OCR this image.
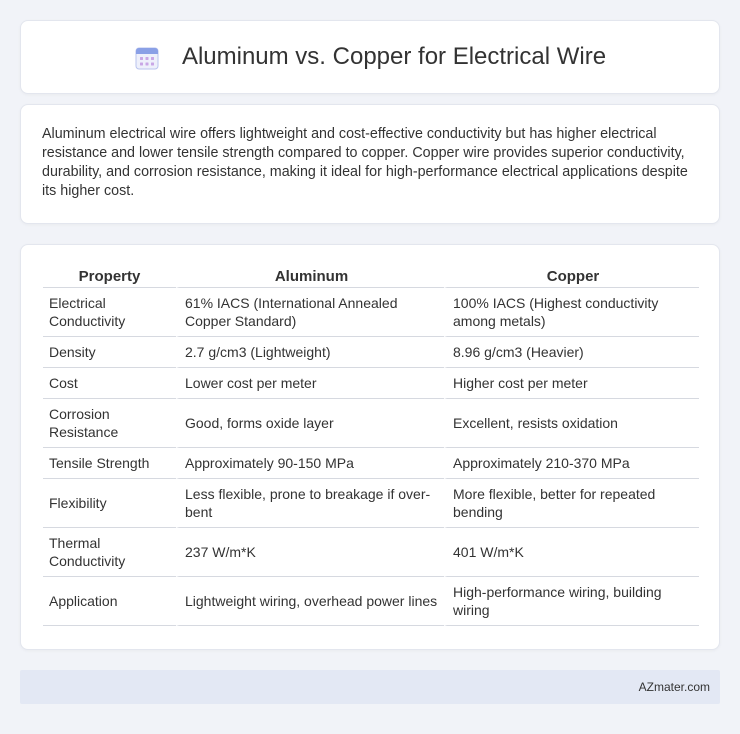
Aluminum vs. Copper for Electrical Wire

Aluminum electrical wire offers lightweight and cost-effective conductivity but has higher electrical resistance and lower tensile strength compared to copper. Copper wire provides superior conductivity, durability, and corrosion resistance, making it ideal for high-performance electrical applications despite its higher cost.

Property	Aluminum	Copper
Electrical Conductivity	61% IACS (International Annealed Copper Standard)	100% IACS (Highest conductivity among metals)
Density	2.7 g/cm3 (Lightweight)	8.96 g/cm3 (Heavier)
Cost	Lower cost per meter	Higher cost per meter
Corrosion Resistance	Good, forms oxide layer	Excellent, resists oxidation
Tensile Strength	Approximately 90-150 MPa	Approximately 210-370 MPa
Flexibility	Less flexible, prone to breakage if over-bent	More flexible, better for repeated bending
Thermal Conductivity	237 W/m*K	401 W/m*K
Application	Lightweight wiring, overhead power lines	High-performance wiring, building wiring
AZmater.com
